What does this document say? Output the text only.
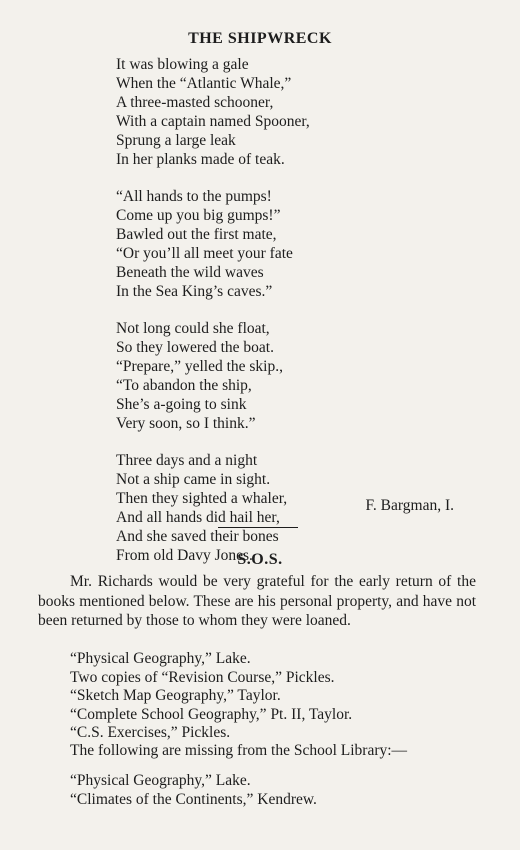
THE SHIPWRECK
It was blowing a gale
When the “Atlantic Whale,”
A three-masted schooner,
With a captain named Spooner,
Sprung a large leak
In her planks made of teak.
“All hands to the pumps!
Come up you big gumps!”
Bawled out the first mate,
“Or you’ll all meet your fate
Beneath the wild waves
In the Sea King’s caves.”
Not long could she float,
So they lowered the boat.
“Prepare,” yelled the skip.,
“To abandon the ship,
She’s a-going to sink
Very soon, so I think.”
Three days and a night
Not a ship came in sight.
Then they sighted a whaler,
And all hands did hail her,
And she saved their bones
From old Davy Jones.
F. Bargman, I.
S.O.S.
Mr. Richards would be very grateful for the early return of the books mentioned below. These are his personal property, and have not been returned by those to whom they were loaned.
“Physical Geography,” Lake.
Two copies of “Revision Course,” Pickles.
“Sketch Map Geography,” Taylor.
“Complete School Geography,” Pt. II, Taylor.
“C.S. Exercises,” Pickles.
The following are missing from the School Library:—
“Physical Geography,” Lake.
“Climates of the Continents,” Kendrew.
